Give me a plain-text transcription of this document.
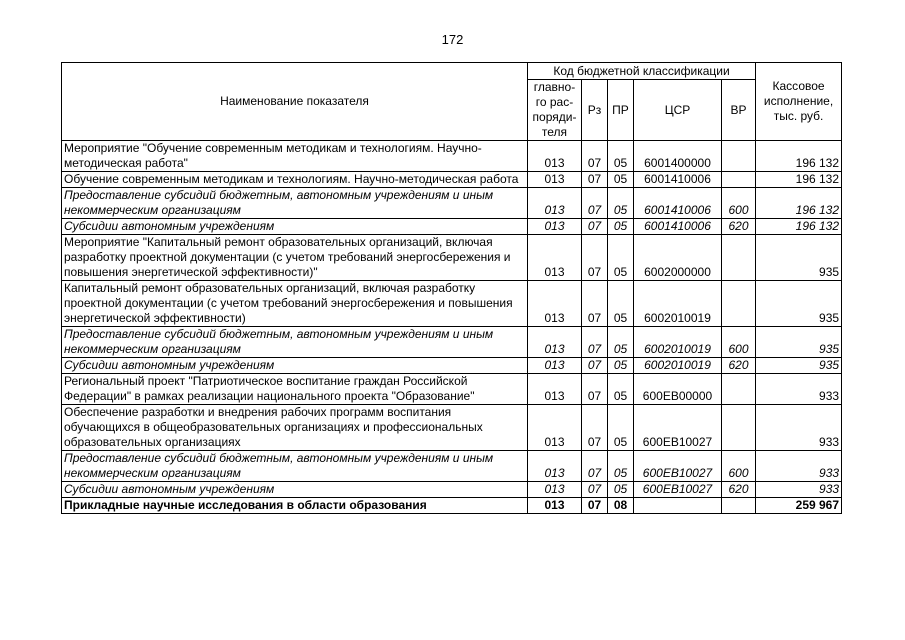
172
Наименование показателя	Код бюджетной классификации					Кассовое исполнение, тыс. руб.
	главно-го рас-поряди-теля	Рз	ПР	ЦСР	ВР	
Мероприятие "Обучение современным методикам и технологиям. Научно-методическая работа"	013	07	05	6001400000		196 132
Обучение современным методикам и технологиям. Научно-методическая работа	013	07	05	6001410006		196 132
Предоставление субсидий бюджетным, автономным учреждениям и иным некоммерческим организациям	013	07	05	6001410006	600	196 132
Субсидии автономным учреждениям	013	07	05	6001410006	620	196 132
Мероприятие "Капитальный ремонт образовательных организаций, включая разработку проектной документации (с учетом требований энергосбережения и повышения энергетической эффективности)"	013	07	05	6002000000		935
Капитальный ремонт образовательных организаций, включая разработку проектной документации (с учетом требований энергосбережения и повышения энергетической эффективности)	013	07	05	6002010019		935
Предоставление субсидий бюджетным, автономным учреждениям и иным некоммерческим организациям	013	07	05	6002010019	600	935
Субсидии автономным учреждениям	013	07	05	6002010019	620	935
Региональный проект "Патриотическое воспитание граждан Российской Федерации" в рамках реализации национального проекта "Образование"	013	07	05	600EB00000		933
Обеспечение разработки и внедрения рабочих программ воспитания обучающихся в общеобразовательных организациях и профессиональных образовательных организациях	013	07	05	600EB10027		933
Предоставление субсидий бюджетным, автономным учреждениям и иным некоммерческим организациям	013	07	05	600EB10027	600	933
Субсидии автономным учреждениям	013	07	05	600EB10027	620	933
Прикладные научные исследования в области образования	013	07	08			259 967
